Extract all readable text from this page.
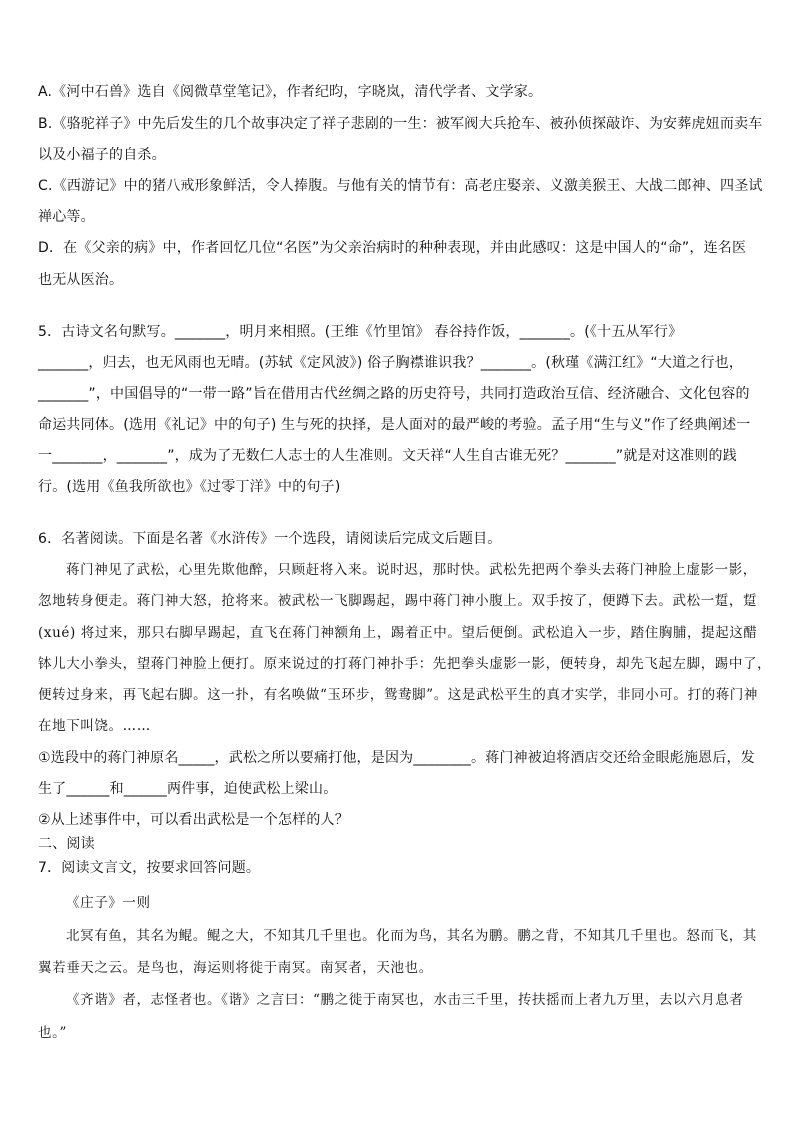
A.《河中石兽》选自《阅微草堂笔记》，作者纪昀，字晓岚，清代学者、文学家。
B.《骆驼祥子》中先后发生的几个故事决定了祥子悲剧的一生：被军阀大兵抢车、被孙侦探敲诈、为安葬虎妞而卖车
以及小福子的自杀。
C.《西游记》中的猪八戒形象鲜活，令人捧腹。与他有关的情节有：高老庄娶亲、义激美猴王、大战二郎神、四圣试
禅心等。
D．在《父亲的病》中，作者回忆几位“名医”为父亲治病时的种种表现，并由此感叹：这是中国人的“命”，连名医
也无从医治。
5．古诗文名句默写。_______，明月来相照。(王维《竹里馆》 春谷持作饭，_______。(《十五从军行》
_______，归去，也无风雨也无晴。(苏轼《定风波》) 俗子胸襟谁识我？_______。(秋瑾《满江红》“大道之行也，
_______”，中国倡导的“一带一路”旨在借用古代丝绸之路的历史符号，共同打造政治互信、经济融合、文化包容的
命运共同体。(选用《礼记》中的句子) 生与死的抉择，是人面对的最严峻的考验。孟子用“生与义”作了经典阐述一
一_______，_______”，成为了无数仁人志士的人生准则。文天祥“人生自古谁无死？_______”就是对这准则的践
行。(选用《鱼我所欲也》《过零丁洋》中的句子)
6．名著阅读。下面是名著《水浒传》一个选段，请阅读后完成文后题目。
蒋门神见了武松，心里先欺他醉，只顾赶将入来。说时迟，那时快。武松先把两个拳头去蒋门神脸上虚影一影，
忽地转身便走。蒋门神大怒，抢将来。被武松一飞脚踢起，踢中蒋门神小腹上。双手按了，便蹲下去。武松一踅，踅
(xué) 将过来，那只右脚早踢起，直飞在蒋门神额角上，踢着正中。望后便倒。武松追入一步，踏住胸脯，提起这醋
钵儿大小拳头，望蒋门神脸上便打。原来说过的打蒋门神扑手：先把拳头虚影一影，便转身，却先飞起左脚，踢中了，
便转过身来，再飞起右脚。这一扑，有名唤做“玉环步，鸳鸯脚”。这是武松平生的真才实学，非同小可。打的蒋门神
在地下叫饶。……
①选段中的蒋门神原名_____，武松之所以要痛打他，是因为________。蒋门神被迫将酒店交还给金眼彪施恩后，发
生了______和______两件事，迫使武松上梁山。
②从上述事件中，可以看出武松是一个怎样的人？
二、阅读
7．阅读文言文，按要求回答问题。
《庄子》一则
北冥有鱼，其名为鲲。鲲之大，不知其几千里也。化而为鸟，其名为鹏。鹏之背，不知其几千里也。怒而飞，其
翼若垂天之云。是鸟也，海运则将徙于南冥。南冥者，天池也。
《齐谐》者，志怪者也。《谐》之言曰：“鹏之徙于南冥也，水击三千里，抟扶摇而上者九万里，去以六月息者
也。”
